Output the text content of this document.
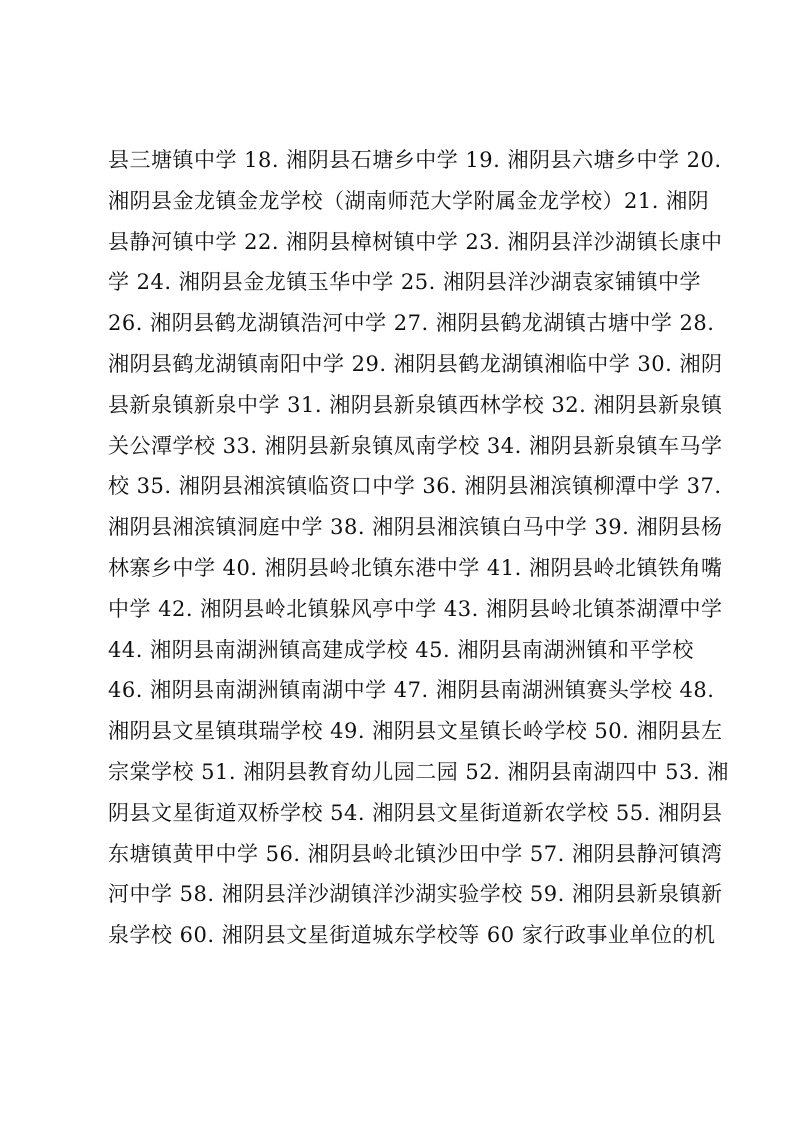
县三塘镇中学 18. 湘阴县石塘乡中学 19. 湘阴县六塘乡中学 20.
湘阴县金龙镇金龙学校（湖南师范大学附属金龙学校）21. 湘阴
县静河镇中学 22. 湘阴县樟树镇中学 23. 湘阴县洋沙湖镇长康中
学 24. 湘阴县金龙镇玉华中学 25. 湘阴县洋沙湖袁家铺镇中学
26. 湘阴县鹤龙湖镇浩河中学 27. 湘阴县鹤龙湖镇古塘中学 28.
湘阴县鹤龙湖镇南阳中学 29. 湘阴县鹤龙湖镇湘临中学 30. 湘阴
县新泉镇新泉中学 31. 湘阴县新泉镇西林学校 32. 湘阴县新泉镇
关公潭学校 33. 湘阴县新泉镇凤南学校 34. 湘阴县新泉镇车马学
校 35. 湘阴县湘滨镇临资口中学 36. 湘阴县湘滨镇柳潭中学 37.
湘阴县湘滨镇洞庭中学 38. 湘阴县湘滨镇白马中学 39. 湘阴县杨
林寨乡中学 40. 湘阴县岭北镇东港中学 41. 湘阴县岭北镇铁角嘴
中学 42. 湘阴县岭北镇躲风亭中学 43. 湘阴县岭北镇茶湖潭中学
44. 湘阴县南湖洲镇高建成学校 45. 湘阴县南湖洲镇和平学校
46. 湘阴县南湖洲镇南湖中学 47. 湘阴县南湖洲镇赛头学校 48.
湘阴县文星镇琪瑞学校 49. 湘阴县文星镇长岭学校 50. 湘阴县左
宗棠学校 51. 湘阴县教育幼儿园二园 52. 湘阴县南湖四中 53. 湘
阴县文星街道双桥学校 54. 湘阴县文星街道新农学校 55. 湘阴县
东塘镇黄甲中学 56. 湘阴县岭北镇沙田中学 57. 湘阴县静河镇湾
河中学 58. 湘阴县洋沙湖镇洋沙湖实验学校 59. 湘阴县新泉镇新
泉学校 60. 湘阴县文星街道城东学校等 60 家行政事业单位的机
